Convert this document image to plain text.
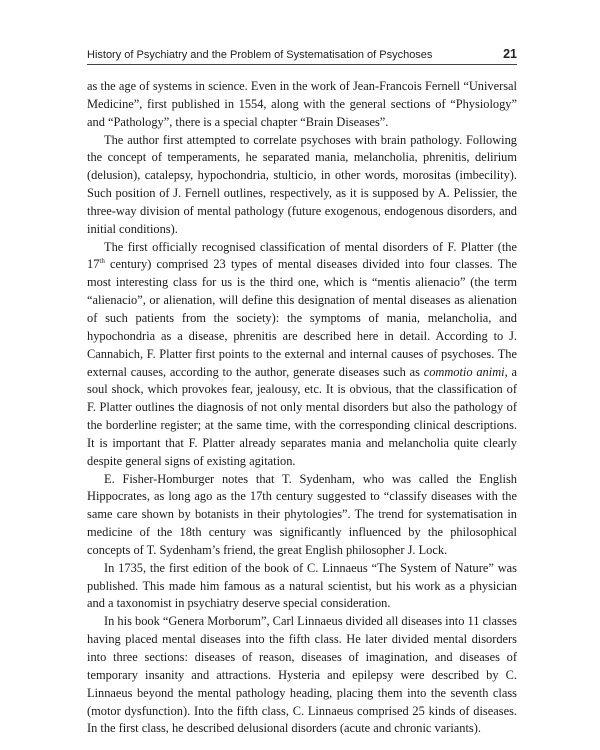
History of Psychiatry and the Problem of Systematisation of Psychoses	21

as the age of systems in science. Even in the work of Jean-Francois Fernell “Universal Medicine”, first published in 1554, along with the general sections of “Physiology” and “Pathology”, there is a special chapter “Brain Diseases”.

The author first attempted to correlate psychoses with brain pathology. Following the concept of temperaments, he separated mania, melancholia, phrenitis, delirium (delusion), catalepsy, hypochondria, stulticio, in other words, morositas (imbecility). Such position of J. Fernell outlines, respectively, as it is supposed by A. Pelissier, the three-way division of mental pathology (future exogenous, endogenous disorders, and initial conditions).

The first officially recognised classification of mental disorders of F. Platter (the 17th century) comprised 23 types of mental diseases divided into four classes. The most interesting class for us is the third one, which is “mentis alienacio” (the term “alienacio”, or alienation, will define this designation of mental diseases as alienation of such patients from the society): the symptoms of mania, melancholia, and hypochondria as a disease, phrenitis are described here in detail. According to J. Cannabich, F. Platter first points to the external and internal causes of psychoses. The external causes, according to the author, generate diseases such as commotio animi, a soul shock, which provokes fear, jealousy, etc. It is obvious, that the classification of F. Platter outlines the diagnosis of not only mental disorders but also the pathology of the borderline register; at the same time, with the corresponding clinical descriptions. It is important that F. Platter already separates mania and melancholia quite clearly despite general signs of existing agitation.

E. Fisher-Homburger notes that T. Sydenham, who was called the English Hippocrates, as long ago as the 17th century suggested to “classify diseases with the same care shown by botanists in their phytologies”. The trend for systematisation in medicine of the 18th century was significantly influenced by the philosophical concepts of T. Sydenham’s friend, the great English philosopher J. Lock.

In 1735, the first edition of the book of C. Linnaeus “The System of Nature” was published. This made him famous as a natural scientist, but his work as a physician and a taxonomist in psychiatry deserve special consideration.

In his book “Genera Morborum”, Carl Linnaeus divided all diseases into 11 classes having placed mental diseases into the fifth class. He later divided mental disorders into three sections: diseases of reason, diseases of imagination, and diseases of temporary insanity and attractions. Hysteria and epilepsy were described by C. Linnaeus beyond the mental pathology heading, placing them into the seventh class (motor dysfunction). Into the fifth class, C. Linnaeus comprised 25 kinds of diseases. In the first class, he described delusional disorders (acute and chronic variants).
